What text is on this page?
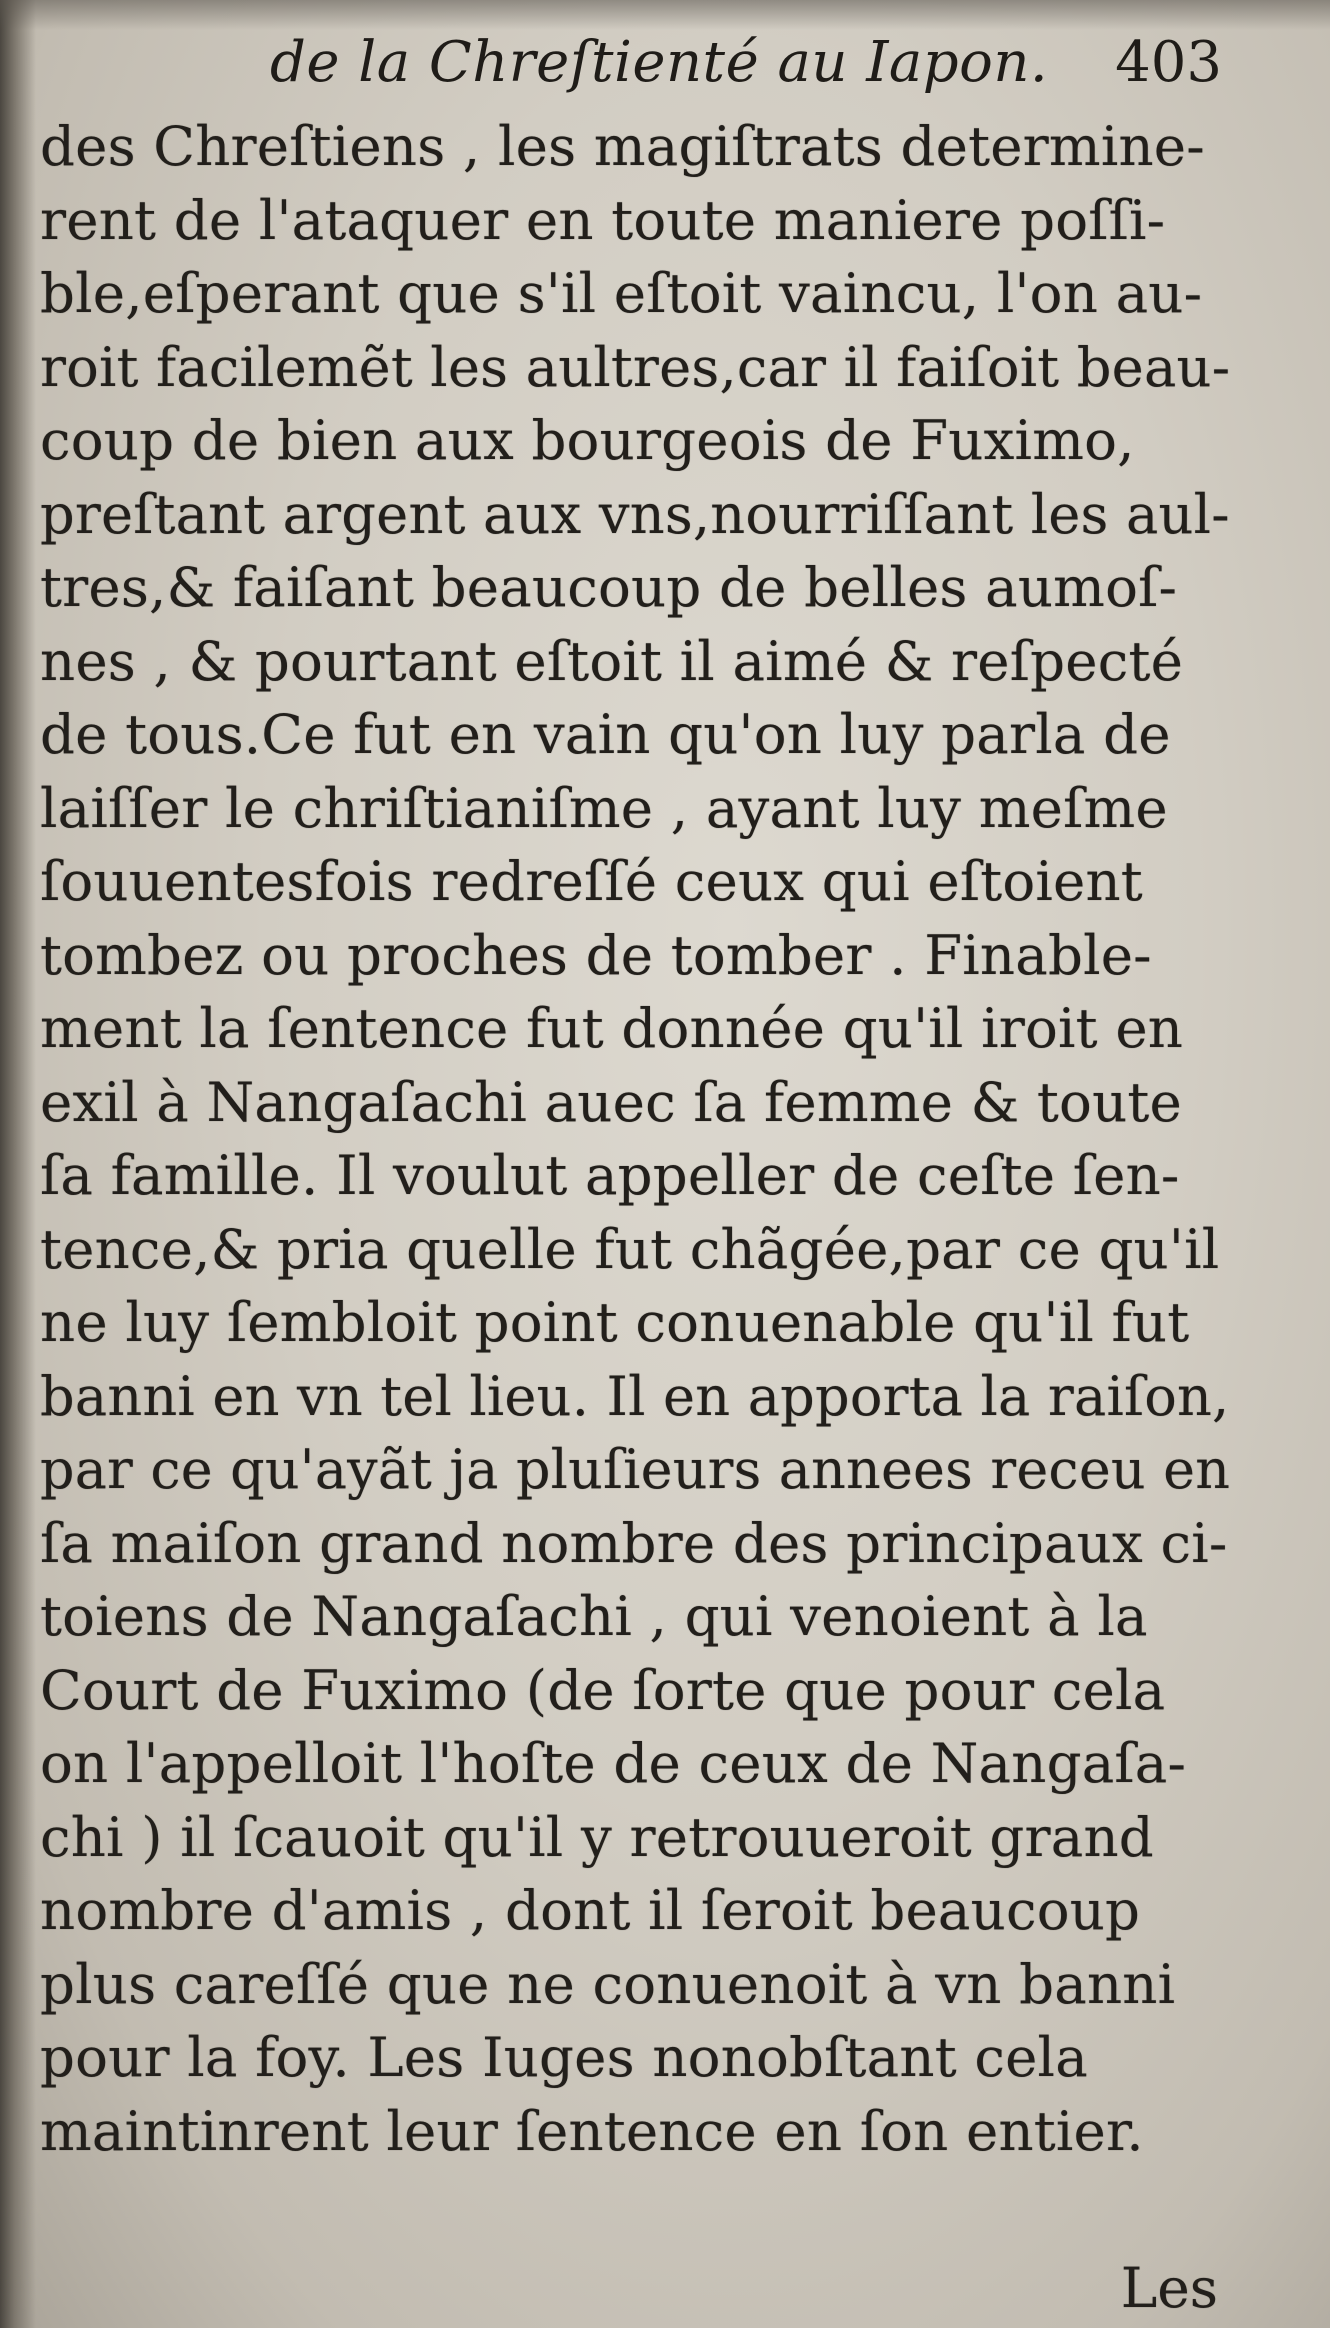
de la Chreſtienté au Iapon. 403
des Chreſtiens , les magiſtrats determine-
rent de l'ataquer en toute maniere poſſi-
ble,eſperant que s'il eſtoit vaincu, l'on au-
roit facilemẽt les aultres,car il faiſoit beau-
coup de bien aux bourgeois de Fuximo,
preſtant argent aux vns,nourriſſant les aul-
tres,& faiſant beaucoup de belles aumoſ-
nes , & pourtant eſtoit il aimé & reſpecté
de tous.Ce fut en vain qu'on luy parla de
laiſſer le chriſtianiſme , ayant luy meſme
ſouuentesfois redreſſé ceux qui eſtoient
tombez ou proches de tomber . Finable-
ment la ſentence fut donnée qu'il iroit en
exil à Nangaſachi auec ſa femme & toute
ſa famille. Il voulut appeller de ceſte ſen-
tence,& pria quelle fut chãgée,par ce qu'il
ne luy ſembloit point conuenable qu'il fut
banni en vn tel lieu. Il en apporta la raiſon,
par ce qu'ayãt ja pluſieurs annees receu en
ſa maiſon grand nombre des principaux ci-
toiens de Nangaſachi , qui venoient à la
Court de Fuximo (de ſorte que pour cela
on l'appelloit l'hoſte de ceux de Nangaſa-
chi ) il ſcauoit qu'il y retrouueroit grand
nombre d'amis , dont il ſeroit beaucoup
plus careſſé que ne conuenoit à vn banni
pour la foy. Les Iuges nonobſtant cela
maintinrent leur ſentence en ſon entier.
Les
